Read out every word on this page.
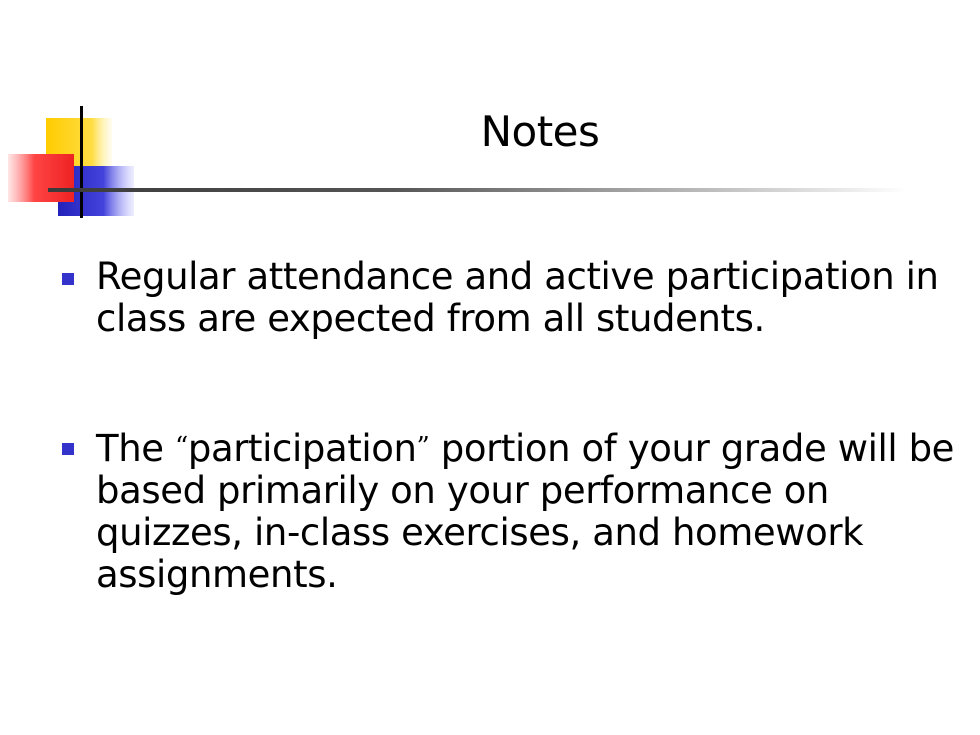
Notes
Regular attendance and active participation in class are expected from all students.
The “participation” portion of your grade will be based primarily on your performance on quizzes, in-class exercises, and homework assignments.
